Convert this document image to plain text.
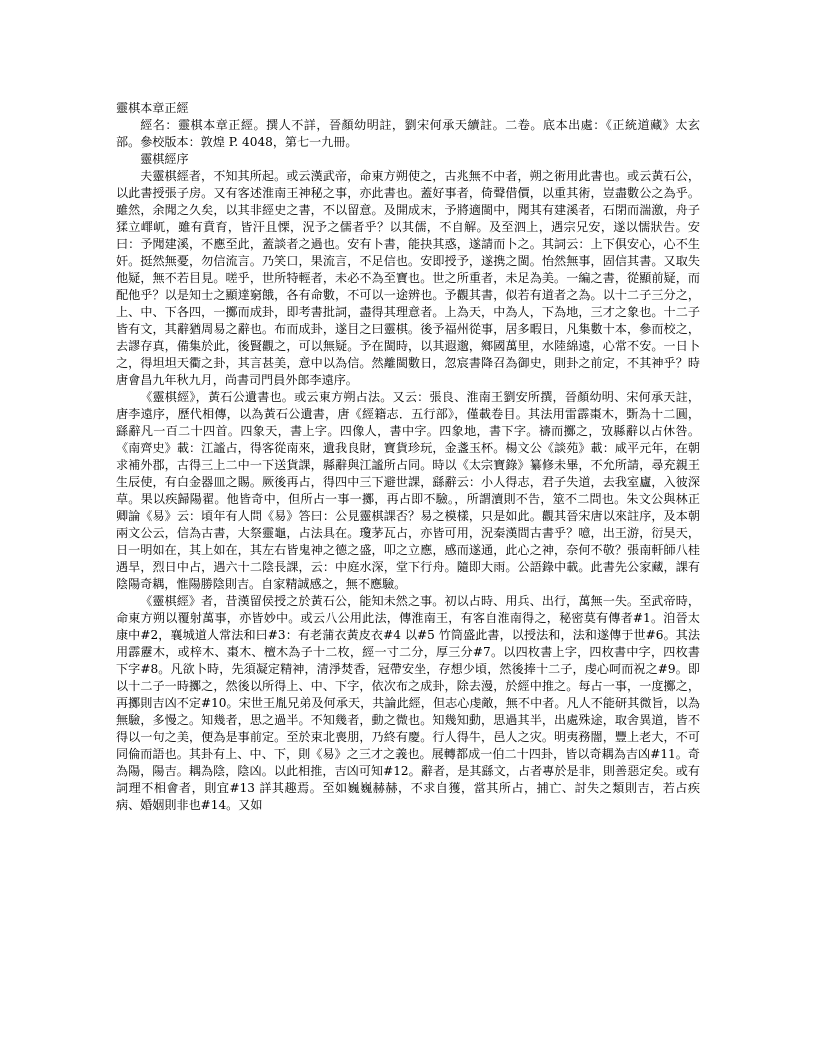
靈棋本章正經
經名：靈棋本章正經。撰人不詳，晉顏幼明註，劉宋何承天續註。二卷。底本出處：《正統道藏》太玄部。參校版本：敦煌 P. 4048，第七一九冊。
靈棋經序
夫靈棋經者，不知其所起。或云漢武帝，命東方朔使之，古兆無不中者，朔之術用此書也。或云黃石公，以此書授張子房。又有客述淮南王神秘之事，亦此書也。蓋好事者，倚聲借價，以重其術，豈盡數公之為乎。雖然，余聞之久矣，以其非經史之書，不以留意。及開成末，予將適閩中，聞其有建溪者，石閉而湍激，舟子猱立嶵屼，雖有賁育，皆汗且慄，況予之儒者乎？以其儒，不自解。及至泗上，遇宗兄安，遂以懦狀告。安曰：予聞建溪，不應至此，蓋談者之過也。安有卜書，能抉其惑，遂請而卜之。其詞云：上下俱安心，心不生奸。挺然無憂，勿信流言。乃笑口，果流言，不足信也。安即授予，遂携之閩。怡然無事，固信其書。又取失他疑，無不若目見。嗟乎，世所特輕者，未必不為至寶也。世之所重者，未足為美。一編之書，從顯前疑，而配他乎？以是知士之顯達窮餓，各有命數，不可以一途辨也。予觀其書，似若有道者之為。以十二子三分之，上、中、下各四，一擲而成卦，即考書批詞，盡得其理意者。上為天，中為人，下為地，三才之象也。十二子皆有文，其辭猶周易之辭也。布而成卦，遂目之曰靈棋。後予福州從事，居多暇日，凡集數十本，參而校之，去謬存真，備集於此，後賢觀之，可以無疑。予在閩時，以其遐邈，鄉國萬里，水陸綿遠，心常不安。一日卜之，得坦坦天衢之卦，其言甚美，意中以為信。然離閩數日，忽宸書降召為御史，則卦之前定，不其神乎？時唐會昌九年秋九月，尚書司門員外郎李遠序。
《靈棋經》，黃石公遺書也。或云東方朔占法。又云：張良、淮南王劉安所撰，晉顏幼明、宋何承天註，唐李遠序，歷代相傳，以為黃石公遺書，唐《經籍志．五行部》，僅載卷目。其法用雷霹棗木，斲為十二圓，繇辭凡一百二十四首。四象天，書上字。四像人，書中字。四象地，書下字。禱而擲之，攷縣辭以占休咎。《南齊史》載：江謐占，得客從南來，遺我良財，寶貨珍玩，金盞玉杯。楊文公《談苑》載：咸平元年，在朝求補外郡，古得三上二中一下送貨課，縣辭與江謐所占同。時以《太宗寶錄》纂修未畢，不允所請，尋充親王生辰使，有白金器皿之賜。厥後再占，得四中三下避世課，繇辭云：小人得志，君子失道，去我室廬，入彼深草。果以疾歸陽翟。他皆奇中，但所占一事一擲，再占即不驗。，所謂瀆則不告，筮不二問也。朱文公與林正卿論《易》云：頃年有人問《易》答曰：公見靈棋課否？易之模樣，只是如此。觀其晉宋唐以來註序，及本朝兩文公云，信為古書，大祭靈龜，占法具在。瓊茅瓦占，亦皆可用，況秦漢間古書乎？噫，出王游，衍昊天，日一明如在，其上如在，其左右皆鬼神之德之盛，叩之立應，感而遂通，此心之神，奈何不敬？張南軒師八桂遇旱，烈日中占，遇六十二陰長課，云：中庭水深，堂下行舟。隨即大雨。公語錄中載。此書先公家藏，課有陰陽奇耦，惟陽勝陰則吉。自家精誠感之，無不應驗。
《靈棋經》者，昔漢留侯授之於黃石公，能知未然之事。初以占時、用兵、出行，萬無一失。至武帝時，命東方朔以覆射萬事，亦皆妙中。或云八公用此法，傳淮南王，有客自淮南得之，秘密莫有傳者#1。洎晉太康中#2，襄城道人常法和曰#3：有老蒲衣黃皮衣#4 以#5 竹筒盛此書，以授法和，法和遂傳于世#6。其法用霹靂木，或梓木、棗木、檀木為子十二枚，經一寸二分，厚三分#7。以四枚書上字，四枚書中字，四枚書下字#8。凡欲卜時，先須凝定精神，清淨焚香，冠帶安坐，存想少頃，然後捧十二子，虔心呵而祝之#9。即以十二子一時擲之，然後以所得上、中、下字，依次布之成卦，除去漫，於經中推之。每占一事，一度擲之，再擲則吉凶不定#10。宋世王胤兄弟及何承天，共論此經，但志心虔敵，無不中者。凡人不能研其微旨，以為無驗，多慢之。知幾者，思之過半。不知幾者，動之微也。知幾知動，思過其半，出處殊途，取舍異道，皆不得以一句之美，便為是事前定。至於束北喪朋，乃終有慶。行人得牛，邑人之灾。明夷務闇，豐上老大，不可同倫而語也。其卦有上、中、下，則《易》之三才之義也。展轉都成一伯二十四卦，皆以奇耦為吉凶#11。奇為陽，陽吉。耦為陰，陰凶。以此相推，吉凶可知#12。辭者，是其繇文，占者專於是非，則善惡定矣。或有詞理不相會者，則宜#13 詳其趣焉。至如巍巍赫赫，不求自獲，當其所占，捕亡、討失之類則吉，若占疾病、婚姻則非也#14。又如
